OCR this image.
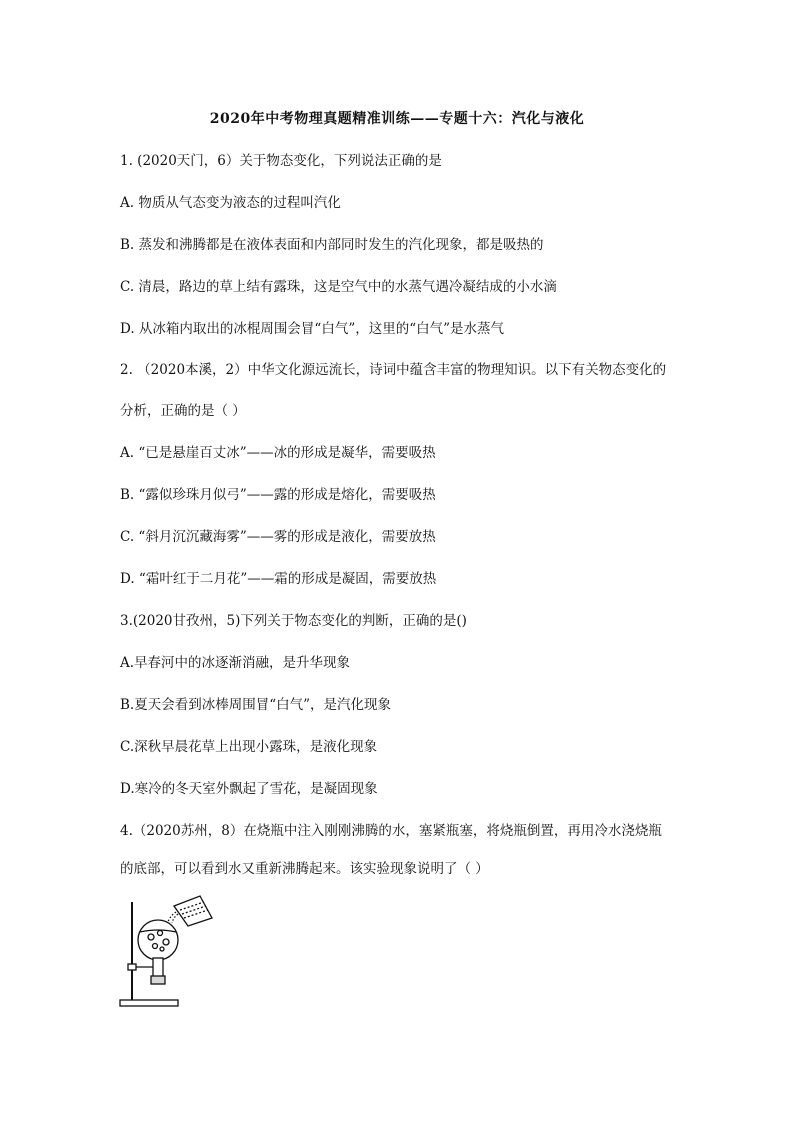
2020年中考物理真题精准训练——专题十六：汽化与液化
1. (2020天门，6）关于物态变化，下列说法正确的是
A. 物质从气态变为液态的过程叫汽化
B. 蒸发和沸腾都是在液体表面和内部同时发生的汽化现象，都是吸热的
C. 清晨，路边的草上结有露珠，这是空气中的水蒸气遇冷凝结成的小水滴
D. 从冰箱内取出的冰棍周围会冒“白气”，这里的“白气”是水蒸气
2. （2020本溪，2）中华文化源远流长，诗词中蕴含丰富的物理知识。以下有关物态变化的
分析，正确的是（ ）
A. “已是悬崖百丈冰”——冰的形成是凝华，需要吸热
B. “露似珍珠月似弓”——露的形成是熔化，需要吸热
C. “斜月沉沉藏海雾”——雾的形成是液化，需要放热
D. “霜叶红于二月花”——霜的形成是凝固，需要放热
3.(2020甘孜州，5)下列关于物态变化的判断，正确的是()
A.早春河中的冰逐渐消融，是升华现象
B.夏天会看到冰棒周围冒“白气”，是汽化现象
C.深秋早晨花草上出现小露珠，是液化现象
D.寒冷的冬天室外飘起了雪花，是凝固现象
4.（2020苏州，8）在烧瓶中注入刚刚沸腾的水，塞紧瓶塞，将烧瓶倒置，再用冷水浇烧瓶
的底部，可以看到水又重新沸腾起来。该实验现象说明了（ ）
